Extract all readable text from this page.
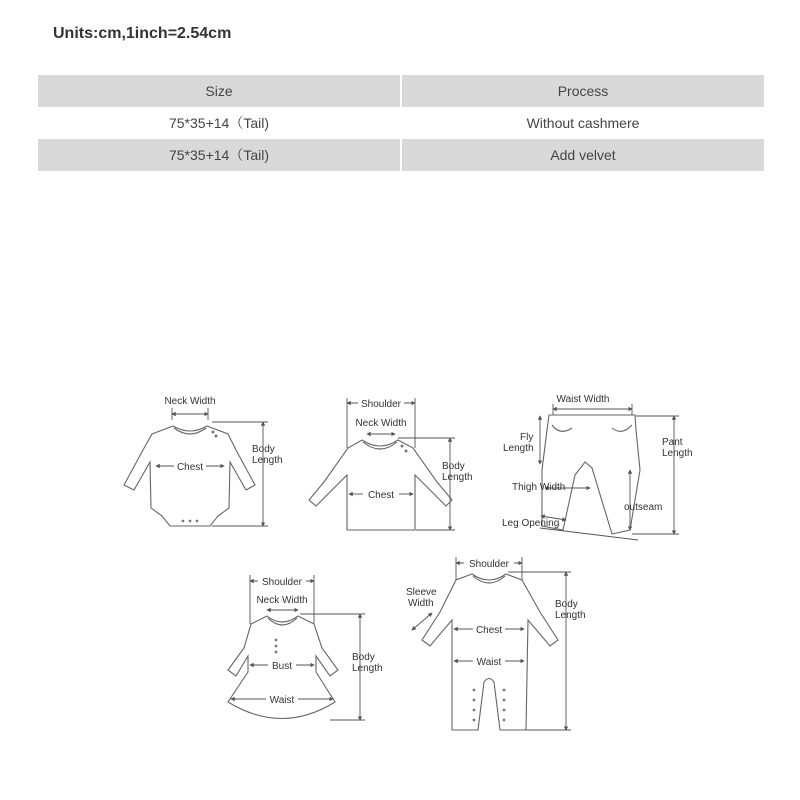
Units:cm,1inch=2.54cm
Size	Process
75*35+14（Tail)	Without cashmere
75*35+14（Tail)	Add velvet
Neck Width
Chest
Body
Length
Shoulder
Neck Width
Chest
Body
Length
Waist Width
Fly
Length
Pant
Length
Thigh Width
outseam
Leg Opening
Shoulder
Neck Width
Bust
Waist
Body
Length
Shoulder
Sleeve
Width
Chest
Waist
Body
Length
